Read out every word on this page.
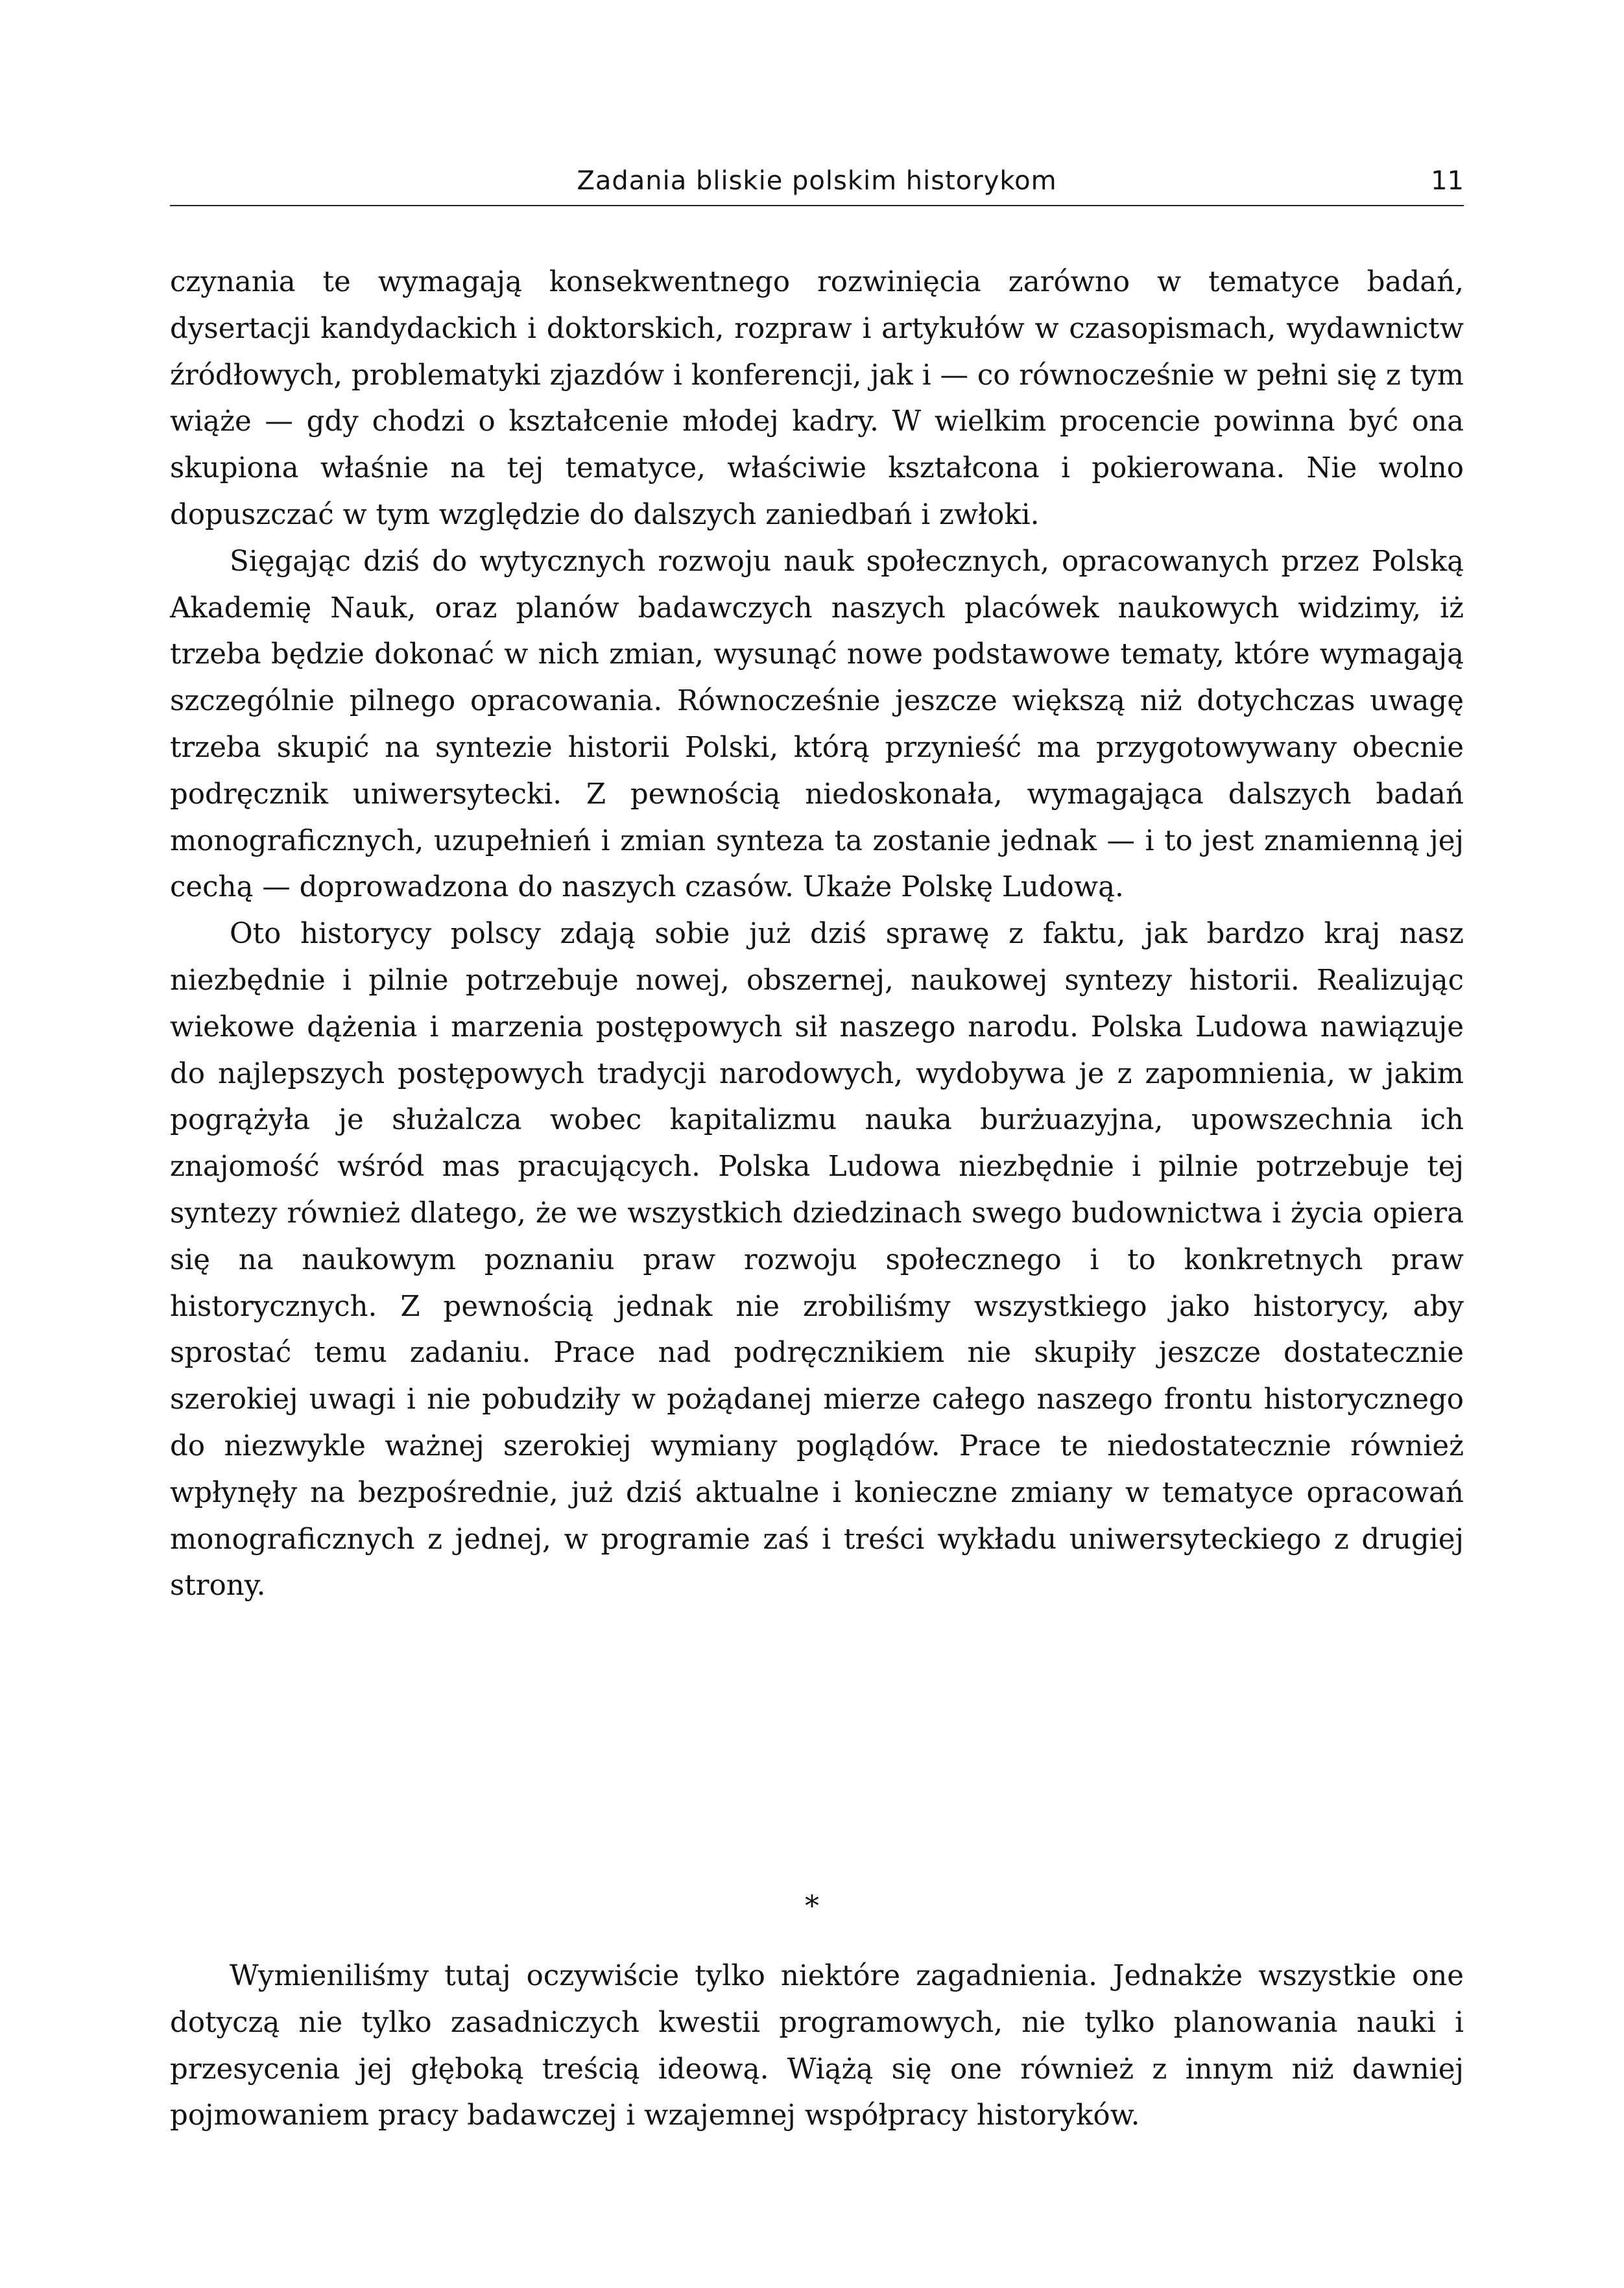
Zadania bliskie polskim historykom	11

czynania te wymagają konsekwentnego rozwinięcia zarówno w tematyce badań, dysertacji kandydackich i doktorskich, rozpraw i artykułów w czasopismach, wydawnictw źródłowych, problematyki zjazdów i konferencji, jak i — co równocześnie w pełni się z tym wiąże — gdy chodzi o kształcenie młodej kadry. W wielkim procencie powinna być ona skupiona właśnie na tej tematyce, właściwie kształcona i pokierowana. Nie wolno dopuszczać w tym względzie do dalszych zaniedbań i zwłoki.

Sięgając dziś do wytycznych rozwoju nauk społecznych, opracowanych przez Polską Akademię Nauk, oraz planów badawczych naszych placówek naukowych widzimy, iż trzeba będzie dokonać w nich zmian, wysunąć nowe podstawowe tematy, które wymagają szczególnie pilnego opracowania. Równocześnie jeszcze większą niż dotychczas uwagę trzeba skupić na syntezie historii Polski, którą przynieść ma przygotowywany obecnie podręcznik uniwersytecki. Z pewnością niedoskonała, wymagająca dalszych badań monograficznych, uzupełnień i zmian synteza ta zostanie jednak — i to jest znamienną jej cechą — doprowadzona do naszych czasów. Ukaże Polskę Ludową.

Oto historycy polscy zdają sobie już dziś sprawę z faktu, jak bardzo kraj nasz niezbędnie i pilnie potrzebuje nowej, obszernej, naukowej syntezy historii. Realizując wiekowe dążenia i marzenia postępowych sił naszego narodu. Polska Ludowa nawiązuje do najlepszych postępowych tradycji narodowych, wydobywa je z zapomnienia, w jakim pogrążyła je służalcza wobec kapitalizmu nauka burżuazyjna, upowszechnia ich znajomość wśród mas pracujących. Polska Ludowa niezbędnie i pilnie potrzebuje tej syntezy również dlatego, że we wszystkich dziedzinach swego budownictwa i życia opiera się na naukowym poznaniu praw rozwoju społecznego i to konkretnych praw historycznych. Z pewnością jednak nie zrobiliśmy wszystkiego jako historycy, aby sprostać temu zadaniu. Prace nad podręcznikiem nie skupiły jeszcze dostatecznie szerokiej uwagi i nie pobudziły w pożądanej mierze całego naszego frontu historycznego do niezwykle ważnej szerokiej wymiany poglądów. Prace te niedostatecznie również wpłynęły na bezpośrednie, już dziś aktualne i konieczne zmiany w tematyce opracowań monograficznych z jednej, w programie zaś i treści wykładu uniwersyteckiego z drugiej strony.

*

Wymieniliśmy tutaj oczywiście tylko niektóre zagadnienia. Jednakże wszystkie one dotyczą nie tylko zasadniczych kwestii programowych, nie tylko planowania nauki i przesycenia jej głęboką treścią ideową. Wiążą się one również z innym niż dawniej pojmowaniem pracy badawczej i wzajemnej współpracy historyków.
